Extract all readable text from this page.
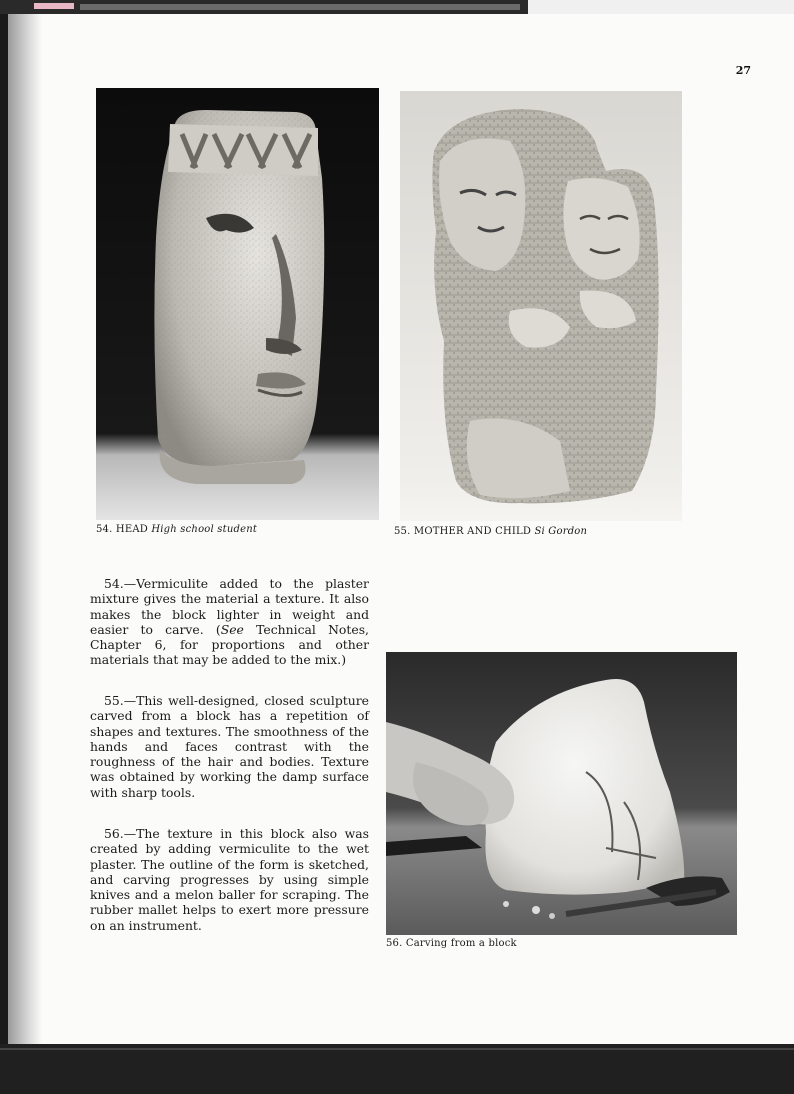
27
54. HEAD High school student	55. MOTHER AND CHILD Si Gordon

54.—Vermiculite added to the plaster mixture gives the material a texture. It also makes the block lighter in weight and easier to carve. (See Technical Notes, Chapter 6, for proportions and other materials that may be added to the mix.)

55.—This well-designed, closed sculpture carved from a block has a repetition of shapes and textures. The smoothness of the hands and faces contrast with the roughness of the hair and bodies. Texture was obtained by working the damp surface with sharp tools.

56.—The texture in this block also was created by adding vermiculite to the wet plaster. The outline of the form is sketched, and carving progresses by using simple knives and a melon baller for scraping. The rubber mallet helps to exert more pressure on an instrument.

56. Carving from a block
